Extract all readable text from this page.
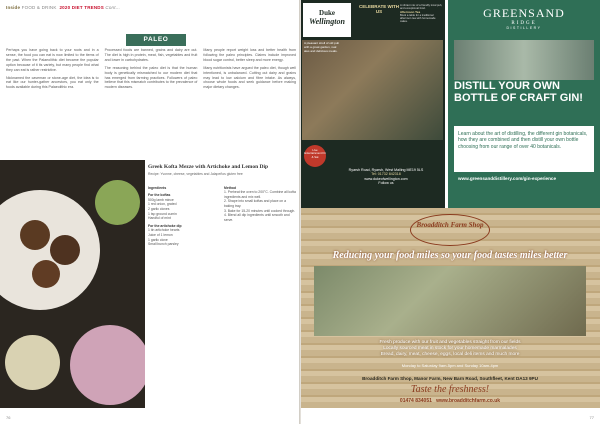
Inside FOOD & DRINK 2020 DIET TRENDS Cont...
PALEO

Perhaps you have going back to your roots and in a sense, the food you can eat is now limited to the items of the past. When the Palaeolithic diet became the popular option because of it its variety, but many people find what they can eat is rather restrictive.

Nicknamed the caveman or stone-age diet, the idea is to eat like our hunter-gather ancestors, you eat only the foods available during this Palaeolithic era.

Processed foods are banned, grains and dairy are out. The diet is high in protein, meat, fish, vegetables and fruit and lower in carbohydrates.

The reasoning behind the paleo diet is that the human body is genetically mismatched to our modern diet that has emerged from farming practices. Followers of paleo believe that this mismatch contributes to the prevalence of modern diseases.

Many people report weight loss and better health from following the paleo principles. Claims include improved blood sugar control, better sleep and more energy.

Many nutritionists have argued the paleo diet, though well intentioned, is unbalanced. Cutting out dairy and grains may lead to low calcium and fibre intake. As always, choose whole foods and seek guidance before making major dietary changes.

Greek Kofta Mezze with Artichoke and Lemon Dip
Recipe: Yvonne, cheese, vegetables and Jalapeños gluten free
Ingredients
For the koftas
500g lamb mince
1 red onion, grated
2 garlic cloves
1 tsp ground cumin
Handful of mint
For the artichoke dip
1 tin artichoke hearts
Juice of 1 lemon
1 garlic clove
Small bunch parsley
Method
1. Preheat the oven to 200°C. Combine all kofta ingredients and mix well.
2. Shape into small koftas and place on a baking tray.
3. Bake for 15-20 minutes until cooked through.
4. Blend all dip ingredients until smooth and serve.
76
Duke
Wellington
CELEBRATE WITH US
A vibrant mix of a friendly local pub, and exceptional food.
Afternoon Tea
Book a table for a traditional afternoon tea with homemade cakes.
A pleasant stroll of old pub with a great garden, real ales and delicious meals.
Live Entertainment Fri & Sat
Ryarsh Road, Ryarsh, West Malling ME19 5LS
Tel: 01732 842318
www.dukeofwellington.com
Follow us
GREENSAND
RIDGE
DISTILLERY
DISTILL YOUR OWN BOTTLE OF CRAFT GIN!
Learn about the art of distilling, the different gin botanicals, how they are combined and then distill your own bottle choosing from our range of over 40 botanicals.
www.greensanddistillery.com/gin-experience
Broadditch Farm Shop
Reducing your food miles so your food tastes miles better
Fresh produce with our fruit and vegetables straight from our fields
Locally sourced meat in stock for your homemade marmalades
Bread, dairy, meat, cheese, eggs, local deli items and much more
Monday to Saturday 9am-5pm and Sunday 10am-4pm
Broadditch Farm Shop, Manor Farm, New Barn Road, Southfleet, Kent DA13 9PU
Taste the freshness!
01474 834051 www.broadditchfarm.co.uk
77
